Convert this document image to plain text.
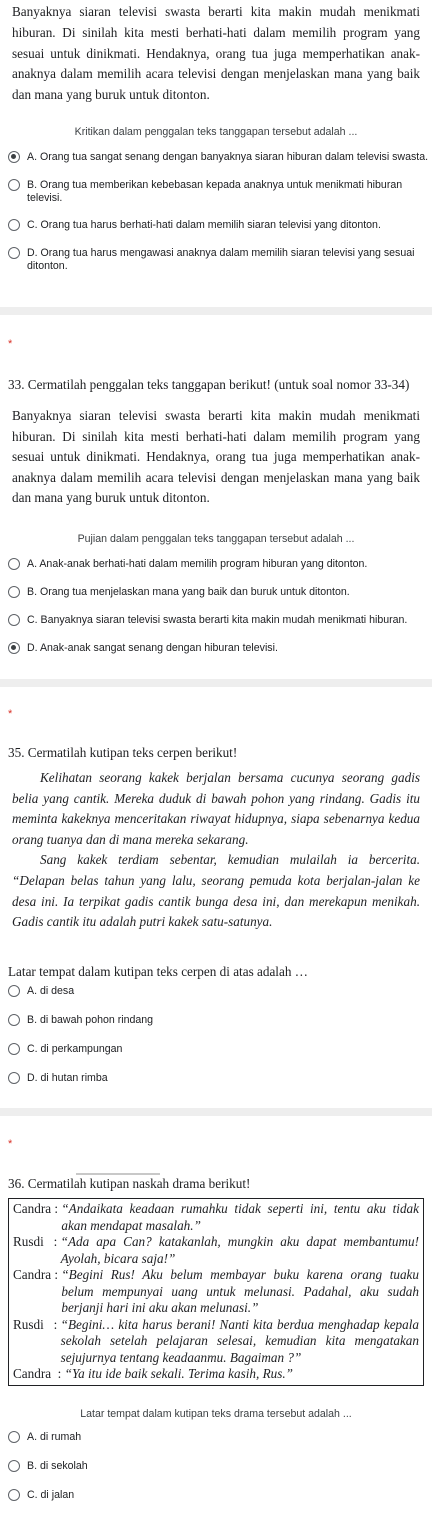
Banyaknya siaran televisi swasta berarti kita makin mudah menikmati hiburan. Di sinilah kita mesti berhati-hati dalam memilih program yang sesuai untuk dinikmati. Hendaknya, orang tua juga memperhatikan anak-anaknya dalam memilih acara televisi dengan menjelaskan mana yang baik dan mana yang buruk untuk ditonton.

Kritikan dalam penggalan teks tanggapan tersebut adalah ...

A. Orang tua sangat senang dengan banyaknya siaran hiburan dalam televisi swasta.
B. Orang tua memberikan kebebasan kepada anaknya untuk menikmati hiburan televisi.
C. Orang tua harus berhati-hati dalam memilih siaran televisi yang ditonton.
D. Orang tua harus mengawasi anaknya dalam memilih siaran televisi yang sesuai ditonton.
*
33. Cermatilah penggalan teks tanggapan berikut! (untuk soal nomor 33-34)
Banyaknya siaran televisi swasta berarti kita makin mudah menikmati hiburan. Di sinilah kita mesti berhati-hati dalam memilih program yang sesuai untuk dinikmati. Hendaknya, orang tua juga memperhatikan anak-anaknya dalam memilih acara televisi dengan menjelaskan mana yang baik dan mana yang buruk untuk ditonton.

Pujian dalam penggalan teks tanggapan tersebut adalah ...

A. Anak-anak berhati-hati dalam memilih program hiburan yang ditonton.
B. Orang tua menjelaskan mana yang baik dan buruk untuk ditonton.
C. Banyaknya siaran televisi swasta berarti kita makin mudah menikmati hiburan.
D. Anak-anak sangat senang dengan hiburan televisi.
*
35. Cermatilah kutipan teks cerpen berikut!
Kelihatan seorang kakek berjalan bersama cucunya seorang gadis belia yang cantik. Mereka duduk di bawah pohon yang rindang. Gadis itu meminta kakeknya menceritakan riwayat hidupnya, siapa sebenarnya kedua orang tuanya dan di mana mereka sekarang.
Sang kakek terdiam sebentar, kemudian mulailah ia bercerita. “Delapan belas tahun yang lalu, seorang pemuda kota berjalan-jalan ke desa ini. Ia terpikat gadis cantik bunga desa ini, dan merekapun menikah. Gadis cantik itu adalah putri kakek satu-satunya.
Latar tempat dalam kutipan teks cerpen di atas adalah …
A. di desa
B. di bawah pohon rindang
C. di perkampungan
D. di hutan rimba
*
36. Cermatilah kutipan naskah drama berikut!
Candra : “Andaikata keadaan rumahku tidak seperti ini, tentu aku tidak akan mendapat masalah.”
Rusdi   : “Ada apa Can? katakanlah, mungkin aku dapat membantumu! Ayolah, bicara saja!”
Candra : “Begini Rus! Aku belum membayar buku karena orang tuaku belum mempunyai uang untuk melunasi. Padahal, aku sudah berjanji hari ini aku akan melunasi.”
Rusdi   : “Begini… kita harus berani! Nanti kita berdua menghadap kepala sekolah setelah pelajaran selesai, kemudian kita mengatakan sejujurnya tentang keadaanmu. Bagaiman ?”
Candra  : “Ya itu ide baik sekali. Terima kasih, Rus.”

Latar tempat dalam kutipan teks drama tersebut adalah ...

A. di rumah
B. di sekolah
C. di jalan
